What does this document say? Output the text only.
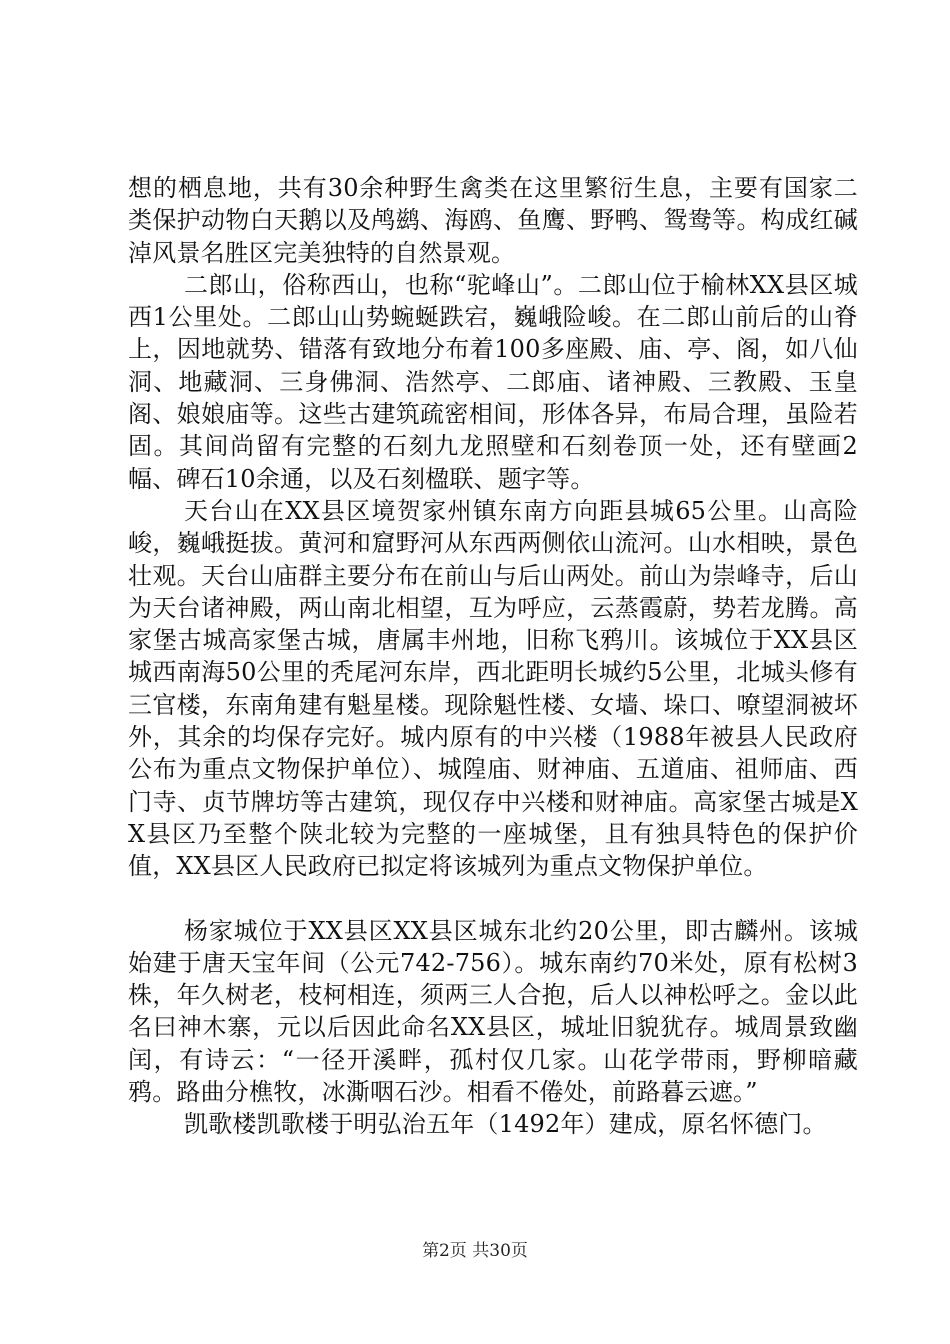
想的栖息地，共有30余种野生禽类在这里繁衍生息，主要有国家二类保护动物白天鹅以及鸬鹚、海鸥、鱼鹰、野鸭、鸳鸯等。构成红碱淖风景名胜区完美独特的自然景观。

二郎山，俗称西山，也称“驼峰山”。二郎山位于榆林XX县区城西1公里处。二郎山山势蜿蜒跌宕，巍峨险峻。在二郎山前后的山脊上，因地就势、错落有致地分布着100多座殿、庙、亭、阁，如八仙洞、地藏洞、三身佛洞、浩然亭、二郎庙、诸神殿、三教殿、玉皇阁、娘娘庙等。这些古建筑疏密相间，形体各异，布局合理，虽险若固。其间尚留有完整的石刻九龙照壁和石刻卷顶一处，还有壁画2幅、碑石10余通，以及石刻楹联、题字等。

天台山在XX县区境贺家州镇东南方向距县城65公里。山高险峻，巍峨挺拔。黄河和窟野河从东西两侧依山流河。山水相映，景色壮观。天台山庙群主要分布在前山与后山两处。前山为崇峰寺，后山为天台诸神殿，两山南北相望，互为呼应，云蒸霞蔚，势若龙腾。高家堡古城高家堡古城，唐属丰州地，旧称飞鸦川。该城位于XX县区城西南海50公里的秃尾河东岸，西北距明长城约5公里，北城头修有三官楼，东南角建有魁星楼。现除魁性楼、女墙、垛口、嘹望洞被坏外，其余的均保存完好。城内原有的中兴楼（1988年被县人民政府公布为重点文物保护单位）、城隍庙、财神庙、五道庙、祖师庙、西门寺、贞节牌坊等古建筑，现仅存中兴楼和财神庙。高家堡古城是XX县区乃至整个陕北较为完整的一座城堡，且有独具特色的保护价值，XX县区人民政府已拟定将该城列为重点文物保护单位。

杨家城位于XX县区XX县区城东北约20公里，即古麟州。该城始建于唐天宝年间（公元742-756）。城东南约70米处，原有松树3株，年久树老，枝柯相连，须两三人合抱，后人以神松呼之。金以此名曰神木寨，元以后因此命名XX县区，城址旧貌犹存。城周景致幽闰，有诗云：“一径开溪畔，孤村仅几家。山花学带雨，野柳暗藏鸦。路曲分樵牧，冰澌咽石沙。相看不倦处，前路暮云遮。”

凯歌楼凯歌楼于明弘治五年（1492年）建成，原名怀德门。

第2页 共30页
